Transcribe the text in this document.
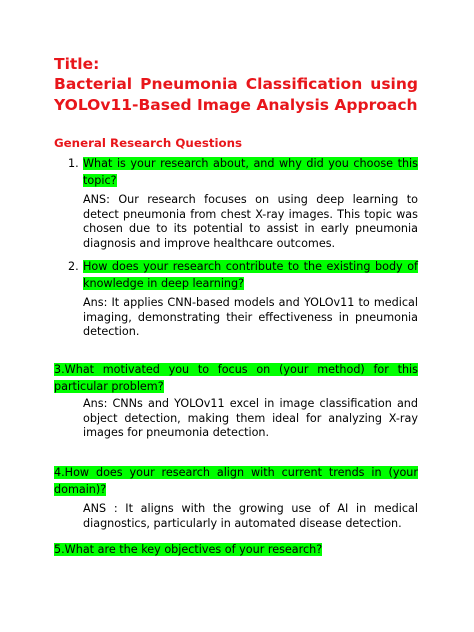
Title:

Bacterial Pneumonia Classification using YOLOv11-Based Image Analysis Approach

General Research Questions

1. What is your research about, and why did you choose this topic?

ANS: Our research focuses on using deep learning to detect pneumonia from chest X-ray images. This topic was chosen due to its potential to assist in early pneumonia diagnosis and improve healthcare outcomes.

2. How does your research contribute to the existing body of knowledge in deep learning?

Ans: It applies CNN-based models and YOLOv11 to medical imaging, demonstrating their effectiveness in pneumonia detection.

3.What motivated you to focus on (your method) for this particular problem?

Ans: CNNs and YOLOv11 excel in image classification and object detection, making them ideal for analyzing X-ray images for pneumonia detection.

4.How does your research align with current trends in (your domain)?

ANS : It aligns with the growing use of AI in medical diagnostics, particularly in automated disease detection.

5.What are the key objectives of your research?
